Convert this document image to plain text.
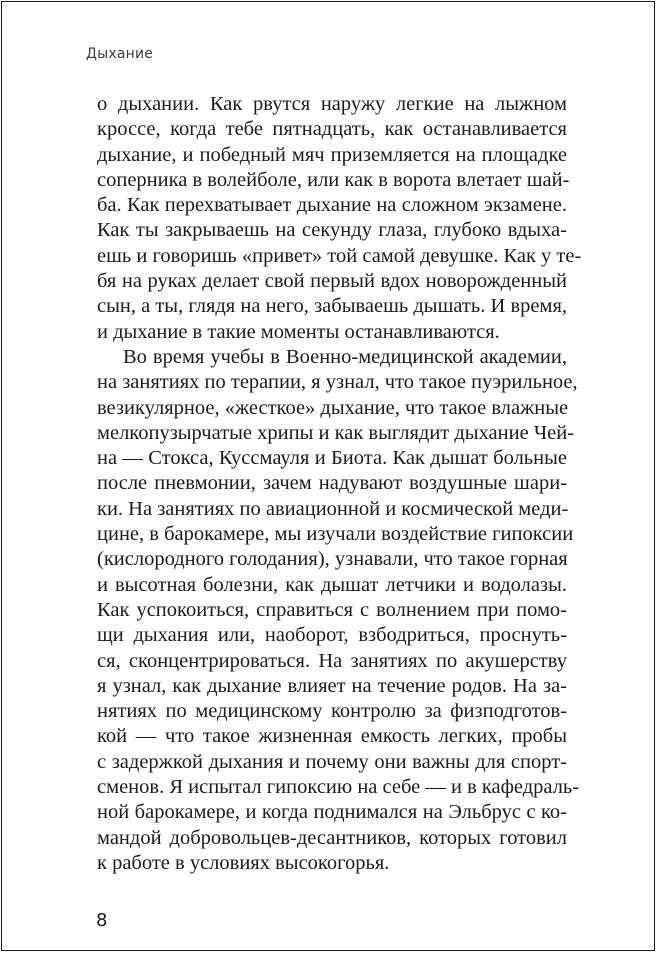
Дыхание

о дыхании. Как рвутся наружу легкие на лыжном
кроссе, когда тебе пятнадцать, как останавливается
дыхание, и победный мяч приземляется на площадке
соперника в волейболе, или как в ворота влетает шай-
ба. Как перехватывает дыхание на сложном экзамене.
Как ты закрываешь на секунду глаза, глубоко вдыха-
ешь и говоришь «привет» той самой девушке. Как у те-
бя на руках делает свой первый вдох новорожденный
сын, а ты, глядя на него, забываешь дышать. И время,
и дыхание в такие моменты останавливаются.

Во время учебы в Военно-медицинской академии,
на занятиях по терапии, я узнал, что такое пуэрильное,
везикулярное, «жесткое» дыхание, что такое влажные
мелкопузырчатые хрипы и как выглядит дыхание Чей-
на — Стокса, Куссмауля и Биота. Как дышат больные
после пневмонии, зачем надувают воздушные шари-
ки. На занятиях по авиационной и космической меди-
цине, в барокамере, мы изучали воздействие гипоксии
(кислородного голодания), узнавали, что такое горная
и высотная болезни, как дышат летчики и водолазы.
Как успокоиться, справиться с волнением при помо-
щи дыхания или, наоборот, взбодриться, проснуть-
ся, сконцентрироваться. На занятиях по акушерству
я узнал, как дыхание влияет на течение родов. На за-
нятиях по медицинскому контролю за физподготов-
кой — что такое жизненная емкость легких, пробы
с задержкой дыхания и почему они важны для спорт-
сменов. Я испытал гипоксию на себе — и в кафедраль-
ной барокамере, и когда поднимался на Эльбрус с ко-
мандой добровольцев-десантников, которых готовил
к работе в условиях высокогорья.

8
